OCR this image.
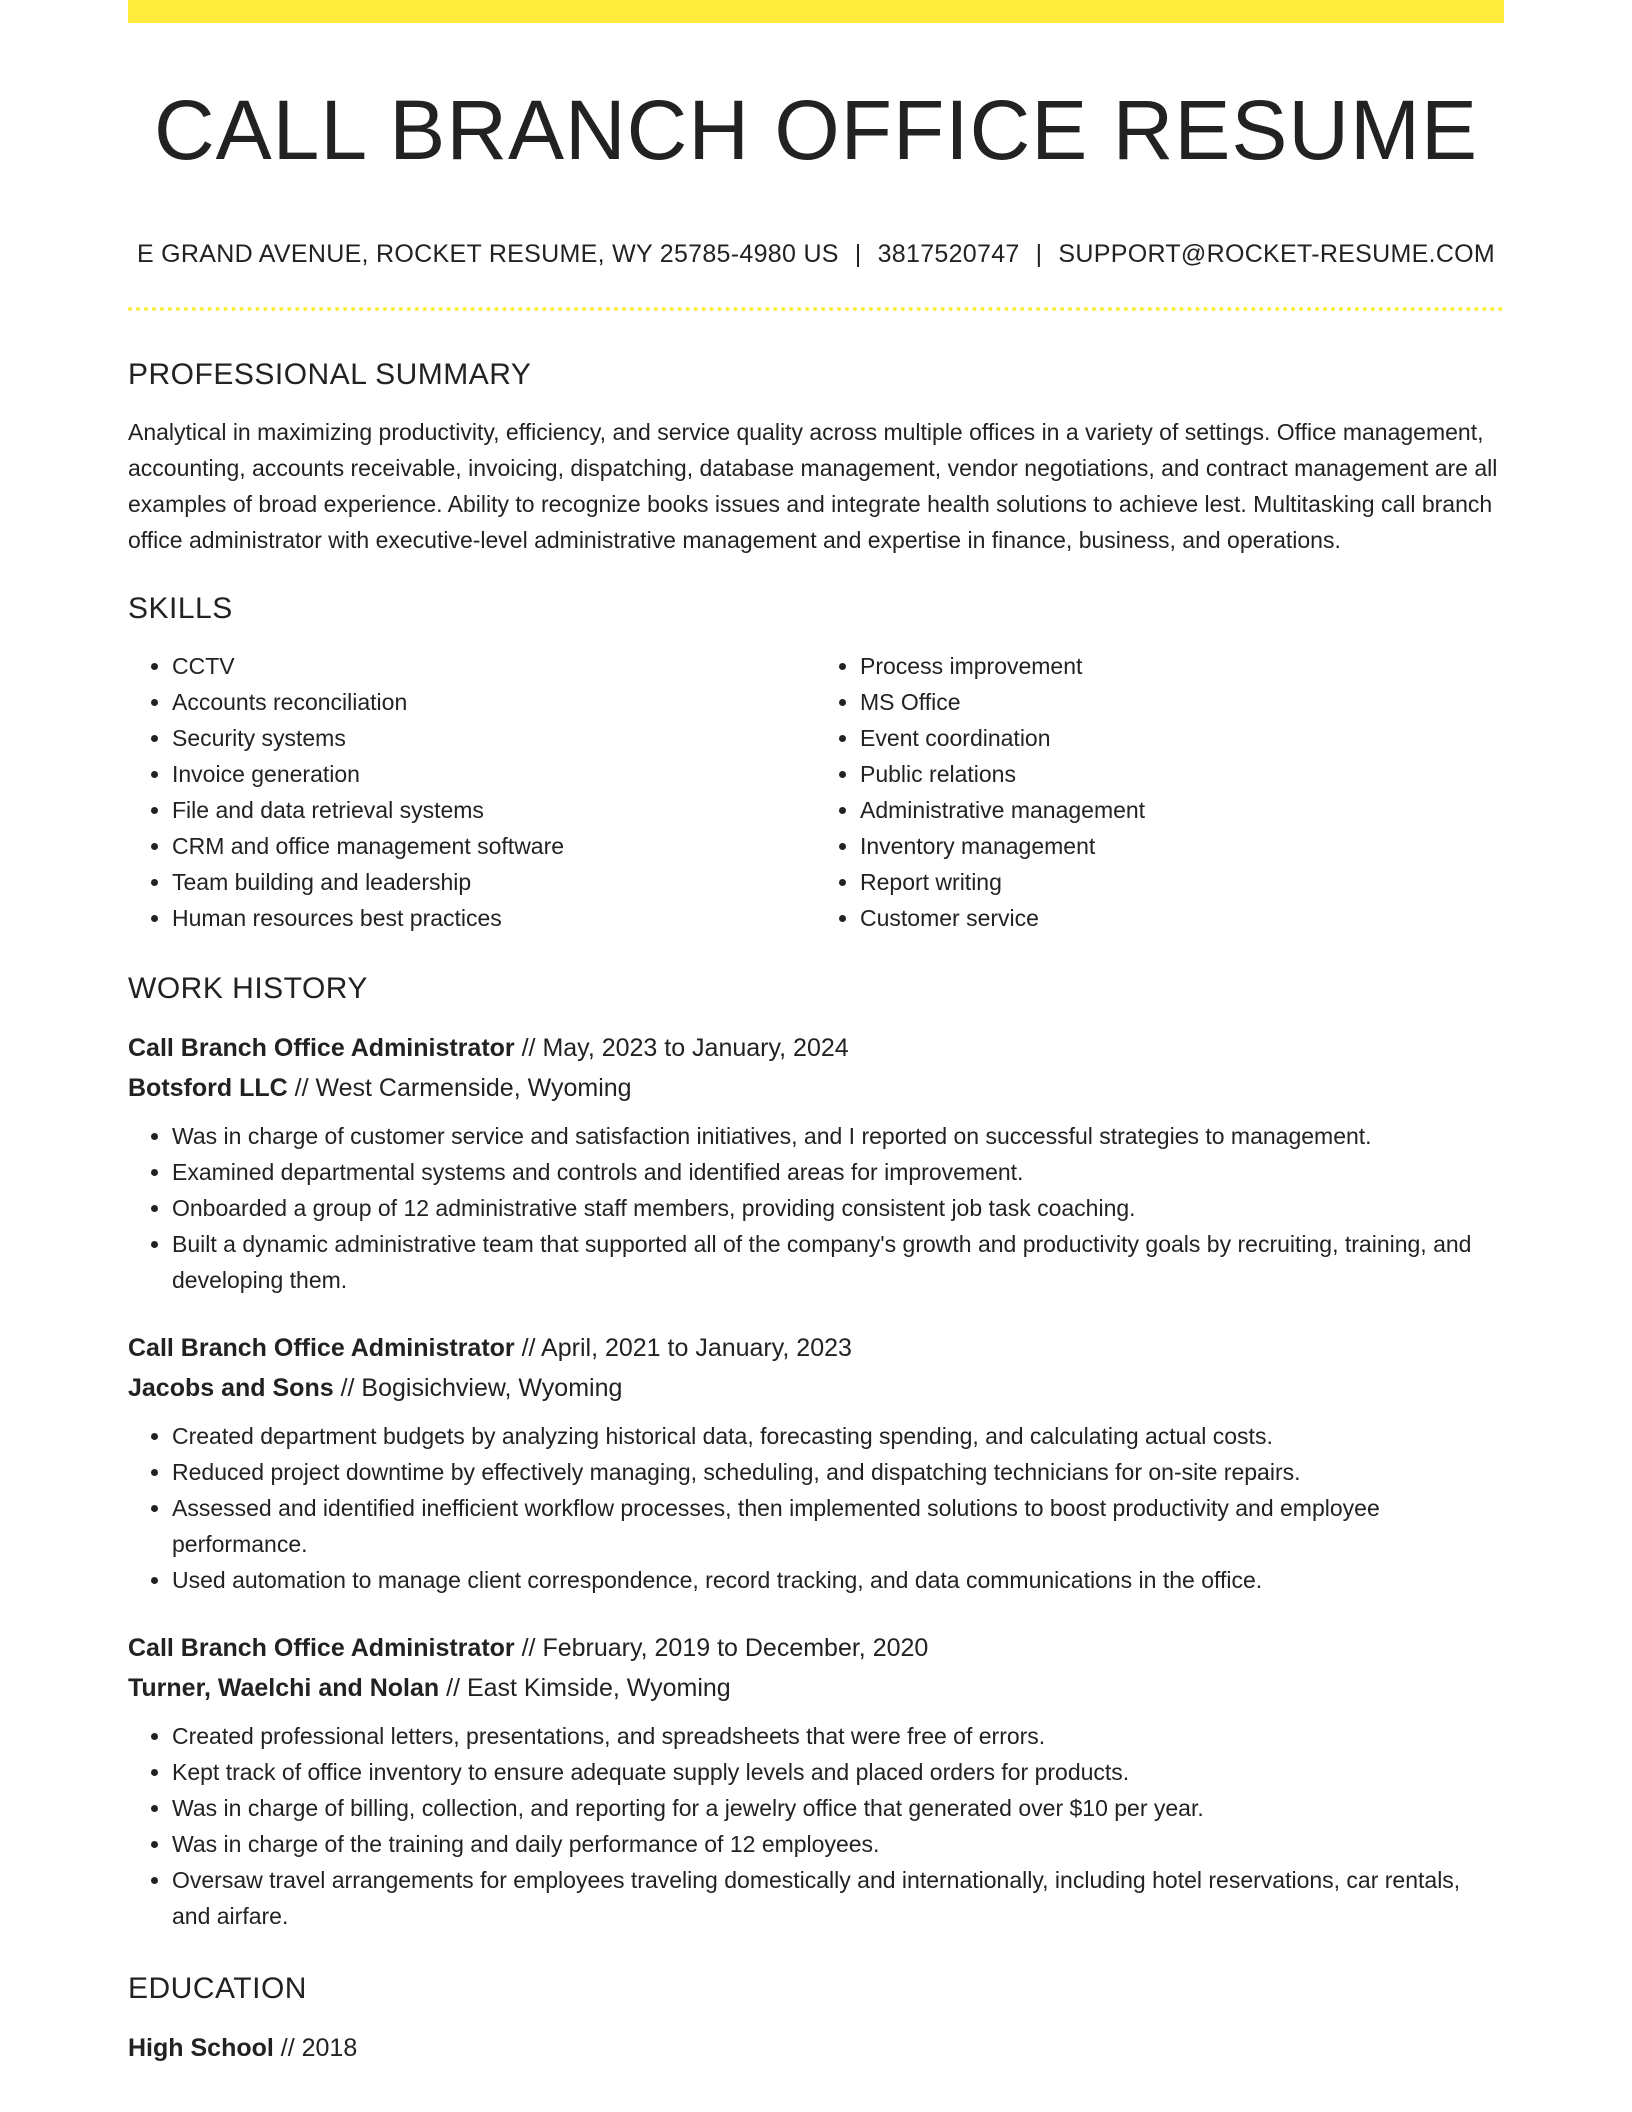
CALL BRANCH OFFICE RESUME
E GRAND AVENUE, ROCKET RESUME, WY 25785-4980 US | 3817520747 | SUPPORT@ROCKET-RESUME.COM
PROFESSIONAL SUMMARY

Analytical in maximizing productivity, efficiency, and service quality across multiple offices in a variety of settings. Office management, accounting, accounts receivable, invoicing, dispatching, database management, vendor negotiations, and contract management are all examples of broad experience. Ability to recognize books issues and integrate health solutions to achieve lest. Multitasking call branch office administrator with executive-level administrative management and expertise in finance, business, and operations.

SKILLS
• CCTV
• Accounts reconciliation
• Security systems
• Invoice generation
• File and data retrieval systems
• CRM and office management software
• Team building and leadership
• Human resources best practices
• Process improvement
• MS Office
• Event coordination
• Public relations
• Administrative management
• Inventory management
• Report writing
• Customer service
WORK HISTORY
Call Branch Office Administrator // May, 2023 to January, 2024
Botsford LLC // West Carmenside, Wyoming
• Was in charge of customer service and satisfaction initiatives, and I reported on successful strategies to management.
• Examined departmental systems and controls and identified areas for improvement.
• Onboarded a group of 12 administrative staff members, providing consistent job task coaching.
• Built a dynamic administrative team that supported all of the company's growth and productivity goals by recruiting, training, and developing them.
Call Branch Office Administrator // April, 2021 to January, 2023
Jacobs and Sons // Bogisichview, Wyoming
• Created department budgets by analyzing historical data, forecasting spending, and calculating actual costs.
• Reduced project downtime by effectively managing, scheduling, and dispatching technicians for on-site repairs.
• Assessed and identified inefficient workflow processes, then implemented solutions to boost productivity and employee performance.
• Used automation to manage client correspondence, record tracking, and data communications in the office.
Call Branch Office Administrator // February, 2019 to December, 2020
Turner, Waelchi and Nolan // East Kimside, Wyoming
• Created professional letters, presentations, and spreadsheets that were free of errors.
• Kept track of office inventory to ensure adequate supply levels and placed orders for products.
• Was in charge of billing, collection, and reporting for a jewelry office that generated over $10 per year.
• Was in charge of the training and daily performance of 12 employees.
• Oversaw travel arrangements for employees traveling domestically and internationally, including hotel reservations, car rentals, and airfare.
EDUCATION
High School // 2018
